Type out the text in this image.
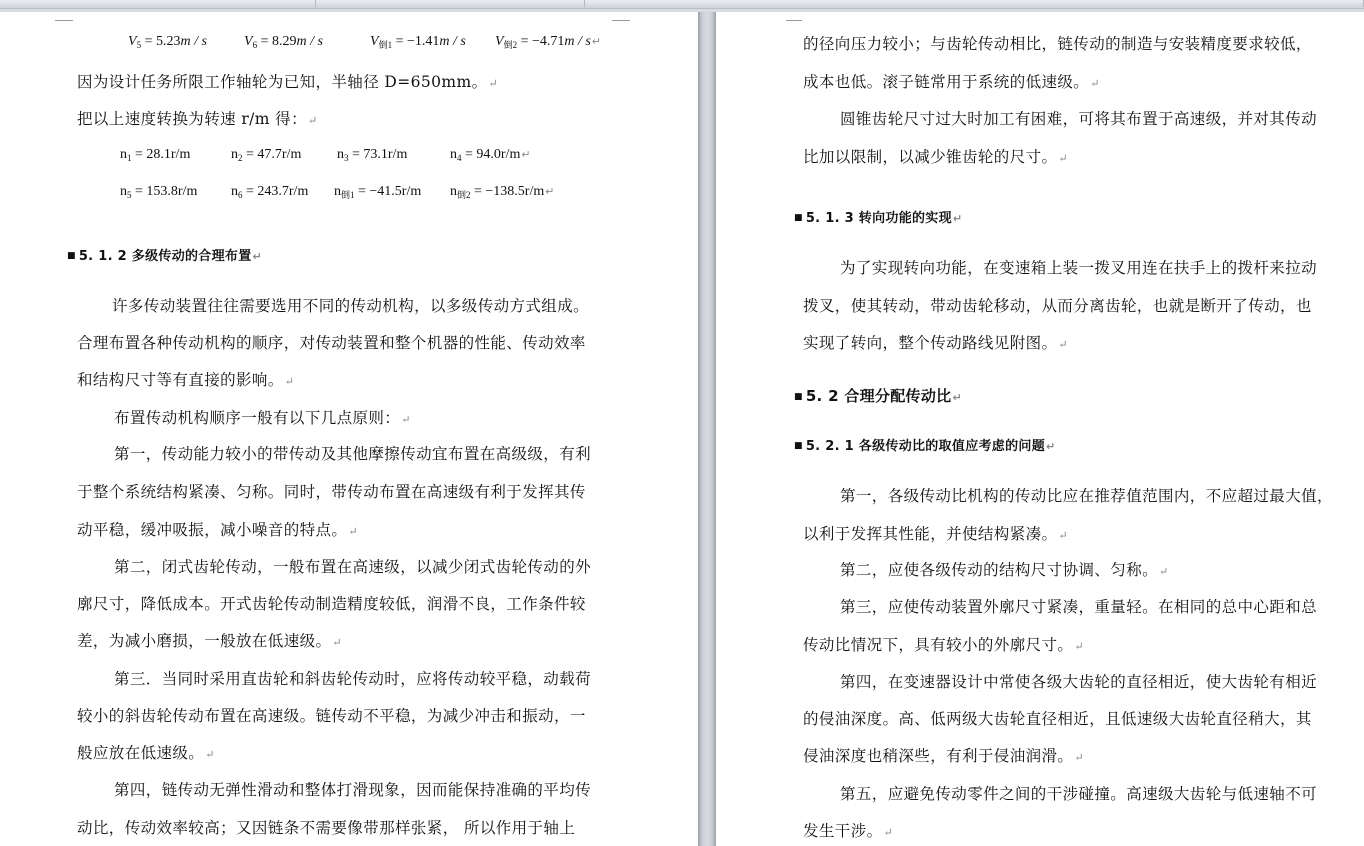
$V_5 = 5.23m / s$	$V_6 = 8.29m / s$	$V_{倒1} = -1.41m / s$ $V_{倒2} = -4.71m$ / s↵
因为设计任务所限工作轴轮为已知，半轴径 D=650mm。↵
把以上速度转换为转速 r/m 得：↵
$n_1 = 28.1r/m$	$n_2 = 47.7r/m$	$n_3 = 73.1r/m$	$n_4$ = 94.0r/m↵
$n_5 = 153.8r/m$ $n_6 = 243.7r/m$ $n_{倒1} = -41.5r/m$ $n_{倒2}$ = −138.5r/m↵
■ 5. 1. 2 多级传动的合理布置↵
许多传动装置往往需要选用不同的传动机构，以多级传动方式组成。
合理布置各种传动机构的顺序，对传动装置和整个机器的性能、传动效率
和结构尺寸等有直接的影响。↵
布置传动机构顺序一般有以下几点原则：↵
第一，传动能力较小的带传动及其他摩擦传动宜布置在高级级，有利
于整个系统结构紧凑、匀称。同时，带传动布置在高速级有利于发挥其传
动平稳，缓冲吸振，减小噪音的特点。↵
第二，闭式齿轮传动，一般布置在高速级，以减少闭式齿轮传动的外
廓尺寸，降低成本。开式齿轮传动制造精度较低，润滑不良，工作条件较
差，为减小磨损，一般放在低速级。↵
第三．当同时采用直齿轮和斜齿轮传动时，应将传动较平稳，动载荷
较小的斜齿轮传动布置在高速级。链传动不平稳，为减少冲击和振动，一
般应放在低速级。↵
第四，链传动无弹性滑动和整体打滑现象，因而能保持准确的平均传
动比，传动效率较高；又因链条不需要像带那样张紧， 所以作用于轴上
的径向压力较小；与齿轮传动相比，链传动的制造与安装精度要求较低，
成本也低。滚子链常用于系统的低速级。↵
圆锥齿轮尺寸过大时加工有困难，可将其布置于高速级，并对其传动
比加以限制，以减少锥齿轮的尺寸。↵
■ 5. 1. 3 转向功能的实现↵
为了实现转向功能，在变速箱上装一拨叉用连在扶手上的拨杆来拉动
拨叉，使其转动，带动齿轮移动，从而分离齿轮，也就是断开了传动，也
实现了转向，整个传动路线见附图。↵
■ 5. 2 合理分配传动比↵
■ 5. 2. 1 各级传动比的取值应考虑的问题↵
第一，各级传动比机构的传动比应在推荐值范围内，不应超过最大值，
以利于发挥其性能，并使结构紧凑。↵
第二，应使各级传动的结构尺寸协调、匀称。↵
第三，应使传动装置外廓尺寸紧凑，重量轻。在相同的总中心距和总
传动比情况下，具有较小的外廓尺寸。↵
第四，在变速器设计中常使各级大齿轮的直径相近，使大齿轮有相近
的侵油深度。高、低两级大齿轮直径相近，且低速级大齿轮直径稍大，其
侵油深度也稍深些，有利于侵油润滑。↵
第五，应避免传动零件之间的干涉碰撞。高速级大齿轮与低速轴不可
发生干涉。↵
